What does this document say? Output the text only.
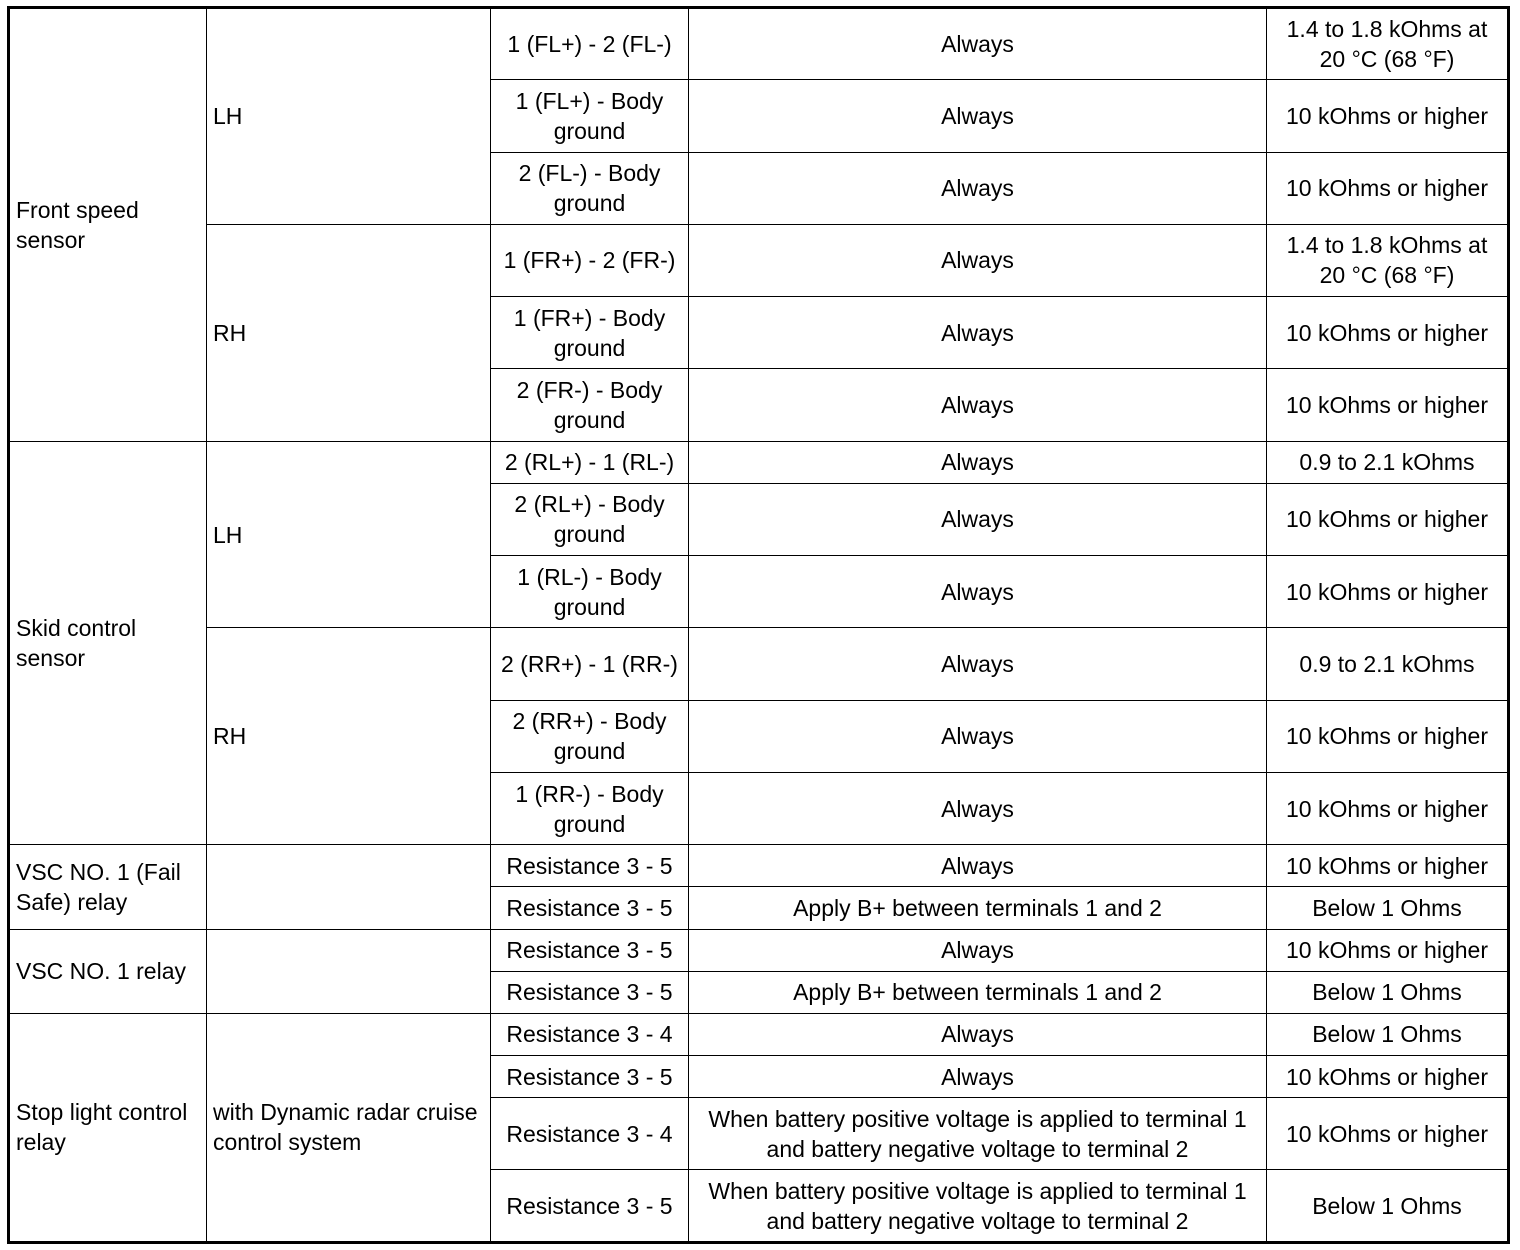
Front speed sensor	LH	1 (FL+) - 2 (FL-)	Always	1.4 to 1.8 kOhms at 20 °C (68 °F)
		1 (FL+) - Body ground	Always	10 kOhms or higher
		2 (FL-) - Body ground	Always	10 kOhms or higher
	RH	1 (FR+) - 2 (FR-)	Always	1.4 to 1.8 kOhms at 20 °C (68 °F)
		1 (FR+) - Body ground	Always	10 kOhms or higher
		2 (FR-) - Body ground	Always	10 kOhms or higher
Skid control sensor	LH	2 (RL+) - 1 (RL-)	Always	0.9 to 2.1 kOhms
		2 (RL+) - Body ground	Always	10 kOhms or higher
		1 (RL-) - Body ground	Always	10 kOhms or higher
	RH	2 (RR+) - 1 (RR-)	Always	0.9 to 2.1 kOhms
		2 (RR+) - Body ground	Always	10 kOhms or higher
		1 (RR-) - Body ground	Always	10 kOhms or higher
VSC NO. 1 (Fail Safe) relay		Resistance 3 - 5	Always	10 kOhms or higher
		Resistance 3 - 5	Apply B+ between terminals 1 and 2	Below 1 Ohms
VSC NO. 1 relay		Resistance 3 - 5	Always	10 kOhms or higher
		Resistance 3 - 5	Apply B+ between terminals 1 and 2	Below 1 Ohms
Stop light control relay	with Dynamic radar cruise control system	Resistance 3 - 4	Always	Below 1 Ohms
		Resistance 3 - 5	Always	10 kOhms or higher
		Resistance 3 - 4	When battery positive voltage is applied to terminal 1 and battery negative voltage to terminal 2	10 kOhms or higher
		Resistance 3 - 5	When battery positive voltage is applied to terminal 1 and battery negative voltage to terminal 2	Below 1 Ohms
